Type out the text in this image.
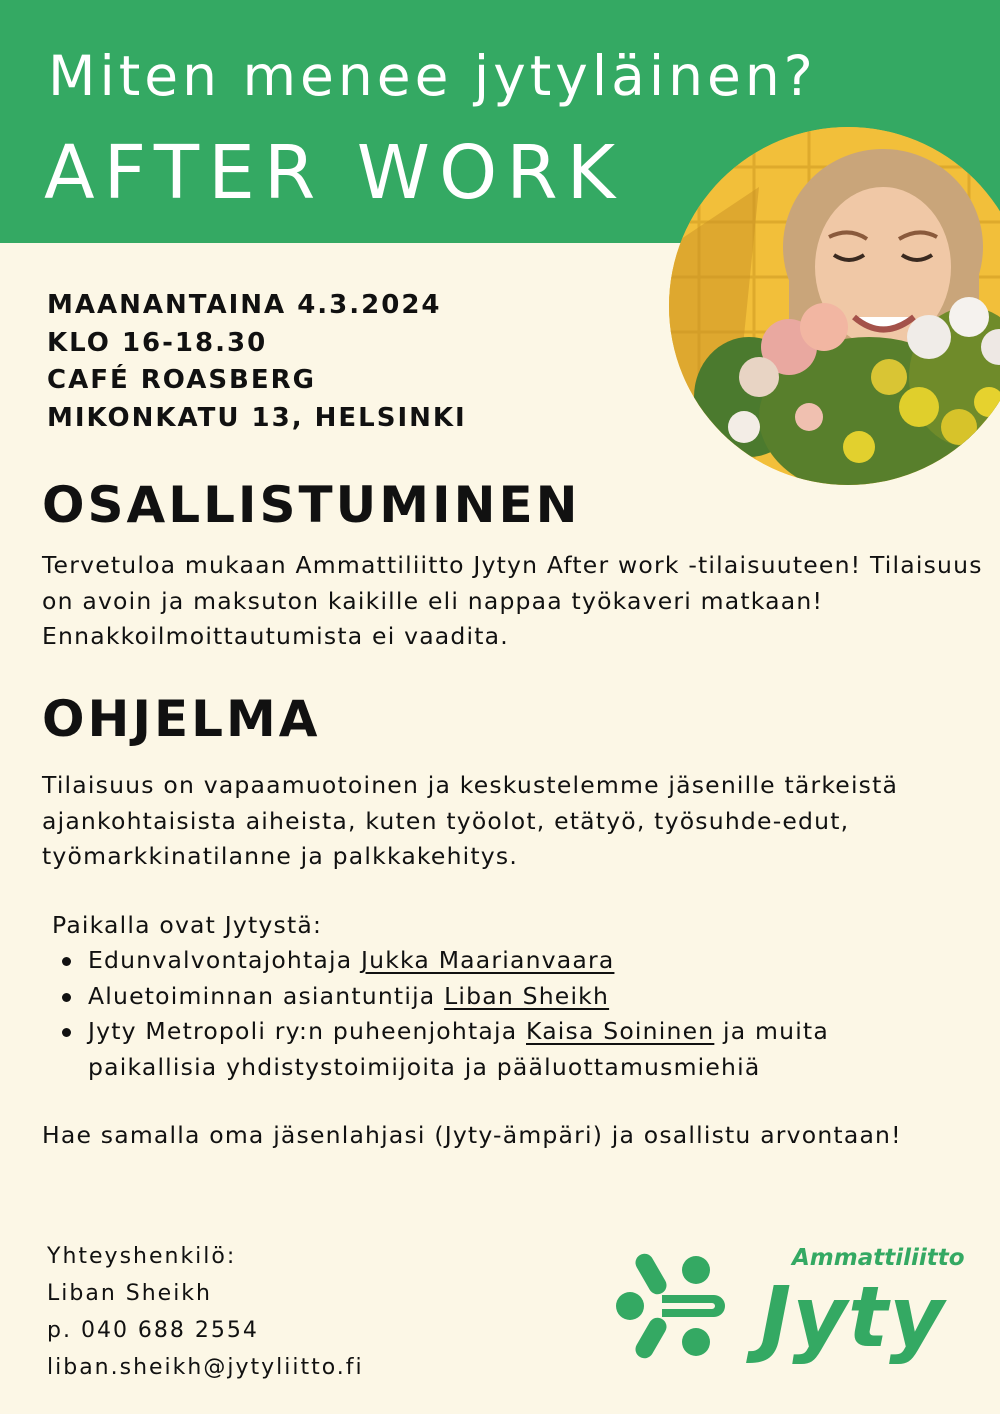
Miten menee jytyläinen?
AFTER WORK
MAANANTAINA 4.3.2024
KLO 16-18.30
CAFÉ ROASBERG
MIKONKATU 13, HELSINKI
OSALLISTUMINEN
Tervetuloa mukaan Ammattiliitto Jytyn After work -tilaisuuteen! Tilaisuus on avoin ja maksuton kaikille eli nappaa työkaveri matkaan! Ennakkoilmoittautumista ei vaadita.
OHJELMA
Tilaisuus on vapaamuotoinen ja keskustelemme jäsenille tärkeistä ajankohtaisista aiheista, kuten työolot, etätyö, työsuhde-edut, työmarkkinatilanne ja palkkakehitys.
Paikalla ovat Jytystä:
Edunvalvontajohtaja Jukka Maarianvaara
Aluetoiminnan asiantuntija Liban Sheikh
Jyty Metropoli ry:n puheenjohtaja Kaisa Soininen ja muita paikallisia yhdistystoimijoita ja pääluottamusmiehiä
Hae samalla oma jäsenlahjasi (Jyty-ämpäri) ja osallistu arvontaan!
Yhteyshenkilö:
Liban Sheikh
p. 040 688 2554
liban.sheikh@jytyliitto.fi
Ammattiliitto
Jyty
